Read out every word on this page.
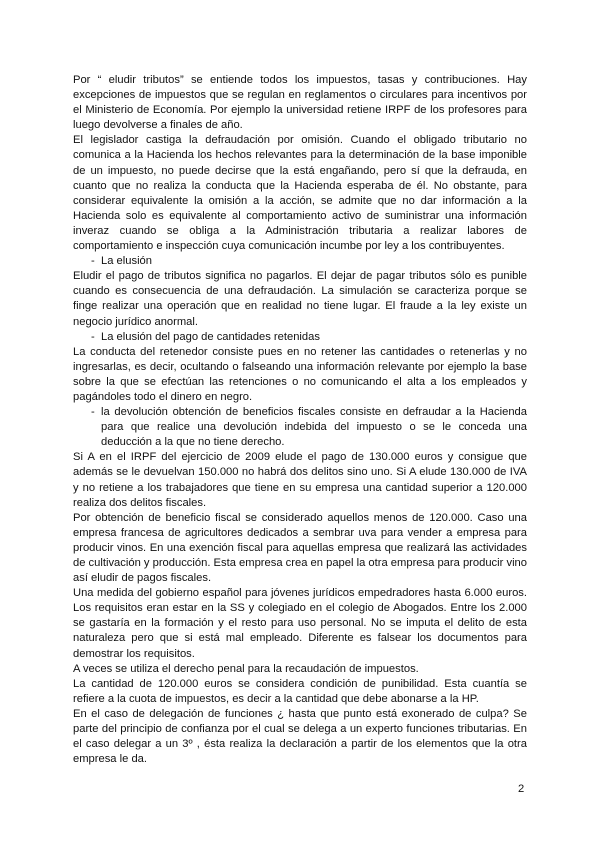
Por “ eludir tributos” se entiende todos los impuestos, tasas y contribuciones. Hay excepciones de impuestos que se regulan en reglamentos o circulares para incentivos por el Ministerio de Economía. Por ejemplo la universidad retiene IRPF de los profesores para luego devolverse a finales de año.

El legislador castiga la defraudación por omisión. Cuando el obligado tributario no comunica a la Hacienda los hechos relevantes para la determinación de la base imponible de un impuesto, no puede decirse que la está engañando, pero sí que la defrauda, en cuanto que no realiza la conducta que la Hacienda esperaba de él. No obstante, para considerar equivalente la omisión a la acción, se admite que no dar información a la Hacienda solo es equivalente al comportamiento activo de suministrar una información inveraz cuando se obliga a la Administración tributaria a realizar labores de comportamiento e inspección cuya comunicación incumbe por ley a los contribuyentes.

- La elusión

Eludir el pago de tributos significa no pagarlos. El dejar de pagar tributos sólo es punible cuando es consecuencia de una defraudación. La simulación se caracteriza porque se finge realizar una operación que en realidad no tiene lugar. El fraude a la ley existe un negocio jurídico anormal.

- La elusión del pago de cantidades retenidas

La conducta del retenedor consiste pues en no retener las cantidades o retenerlas y no ingresarlas, es decir, ocultando o falseando una información relevante por ejemplo la base sobre la que se efectúan las retenciones o no comunicando el alta a los empleados y pagándoles todo el dinero en negro.

- la devolución obtención de beneficios fiscales consiste en defraudar a la Hacienda para que realice una devolución indebida del impuesto o se le conceda una deducción a la que no tiene derecho.

Si A en el IRPF del ejercicio de 2009 elude el pago de 130.000 euros y consigue que además se le devuelvan 150.000 no habrá dos delitos sino uno. Si A elude 130.000 de IVA y no retiene a los trabajadores que tiene en su empresa una cantidad superior a 120.000 realiza dos delitos fiscales.

Por obtención de beneficio fiscal se considerado aquellos menos de 120.000. Caso una empresa francesa de agricultores dedicados a sembrar uva para vender a empresa para producir vinos. En una exención fiscal para aquellas empresa que realizará las actividades de cultivación y producción. Esta empresa crea en papel la otra empresa para producir vino así eludir de pagos fiscales.

Una medida del gobierno español para jóvenes jurídicos empedradores hasta 6.000 euros. Los requisitos eran estar en la SS y colegiado en el colegio de Abogados. Entre los 2.000 se gastaría en la formación y el resto para uso personal. No se imputa el delito de esta naturaleza pero que si está mal empleado. Diferente es falsear los documentos para demostrar los requisitos.

A veces se utiliza el derecho penal para la recaudación de impuestos.

La cantidad de 120.000 euros se considera condición de punibilidad. Esta cuantía se refiere a la cuota de impuestos, es decir a la cantidad que debe abonarse a la HP.

En el caso de delegación de funciones ¿ hasta que punto está exonerado de culpa? Se parte del principio de confianza por el cual se delega a un experto funciones tributarias. En el caso delegar a un 3º , ésta realiza la declaración a partir de los elementos que la otra empresa le da.

2
